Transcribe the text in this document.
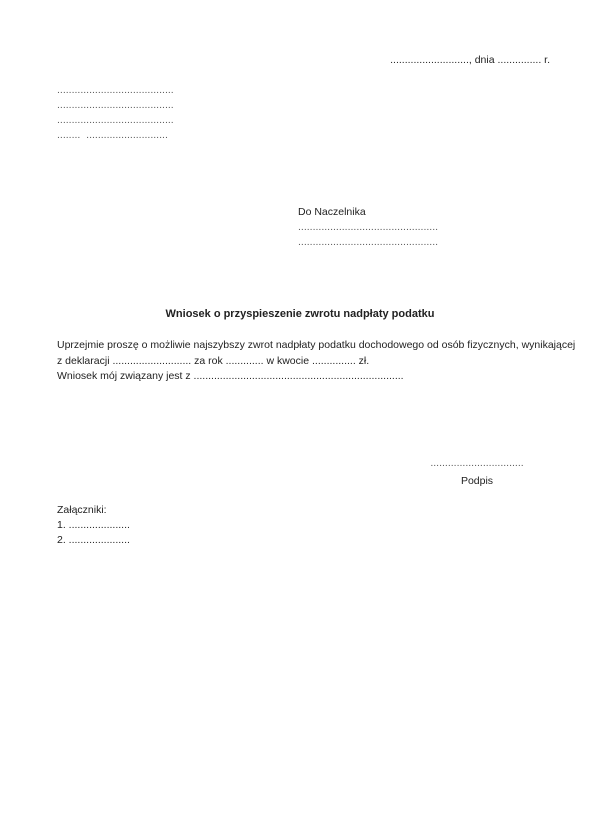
..........................., dnia ............... r.
........................................
........................................
........................................
........  ............................
Do Naczelnika
................................................
................................................
Wniosek o przyspieszenie zwrotu nadpłaty podatku
Uprzejmie proszę o możliwie najszybszy zwrot nadpłaty podatku dochodowego od osób fizycznych, wynikającej
z deklaracji ........................... za rok ............. w kwocie ............... zł.
Wniosek mój związany jest z ........................................................................
................................
Podpis
Załączniki:
1. .....................
2. .....................
